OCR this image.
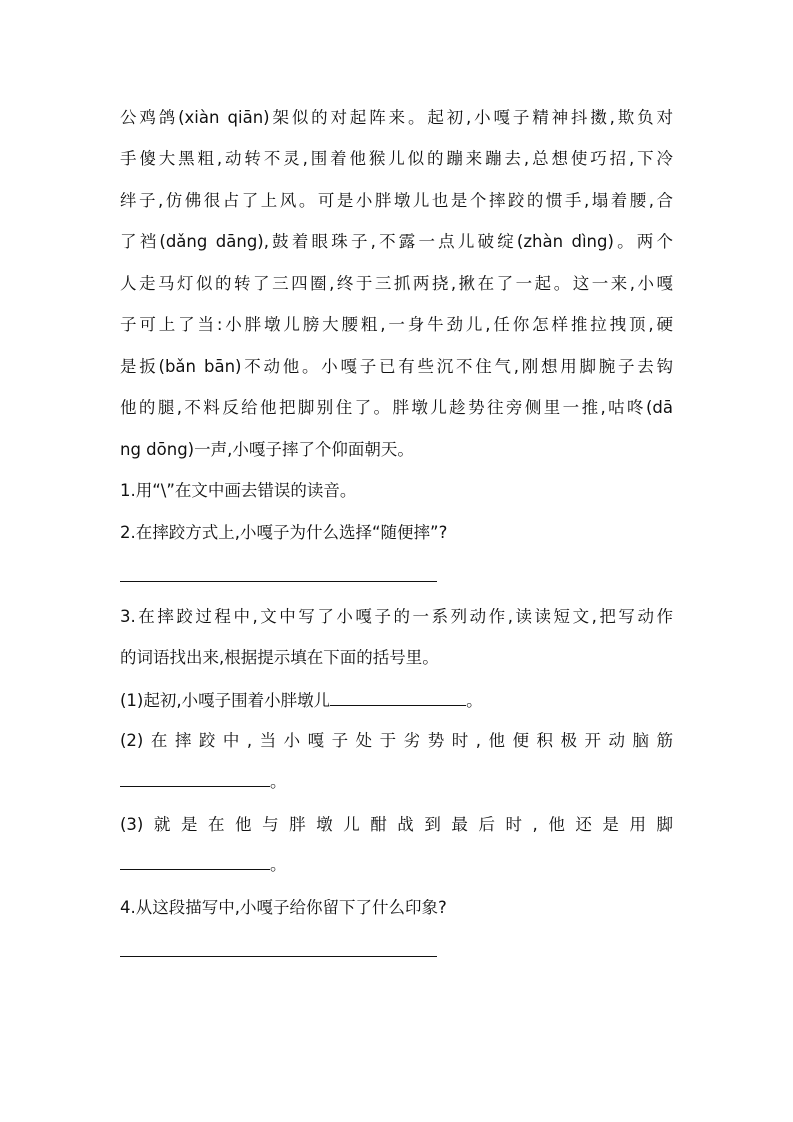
公鸡鸽(xiàn qiān)架似的对起阵来。起初,小嘎子精神抖擞,欺负对
手傻大黑粗,动转不灵,围着他猴儿似的蹦来蹦去,总想使巧招,下冷
绊子,仿佛很占了上风。可是小胖墩儿也是个摔跤的惯手,塌着腰,合
了裆(dǎng dāng),鼓着眼珠子,不露一点儿破绽(zhàn dìng)。两个
人走马灯似的转了三四圈,终于三抓两挠,揪在了一起。这一来,小嘎
子可上了当:小胖墩儿膀大腰粗,一身牛劲儿,任你怎样推拉拽顶,硬
是扳(bǎn bān)不动他。小嘎子已有些沉不住气,刚想用脚腕子去钩
他的腿,不料反给他把脚别住了。胖墩儿趁势往旁侧里一推,咕咚(dā
ng dōng)一声,小嘎子摔了个仰面朝天。
1.用“\”在文中画去错误的读音。
2.在摔跤方式上,小嘎子为什么选择“随便摔”?
3.在摔跤过程中,文中写了小嘎子的一系列动作,读读短文,把写动作
的词语找出来,根据提示填在下面的括号里。
(1)起初,小嘎子围着小胖墩儿	。
(2)在摔跤中,当小嘎子处于劣势时,他便积极开动脑筋
。
(3)就是在他与胖墩儿酣战到最后时,他还是用脚
。
4.从这段描写中,小嘎子给你留下了什么印象?
